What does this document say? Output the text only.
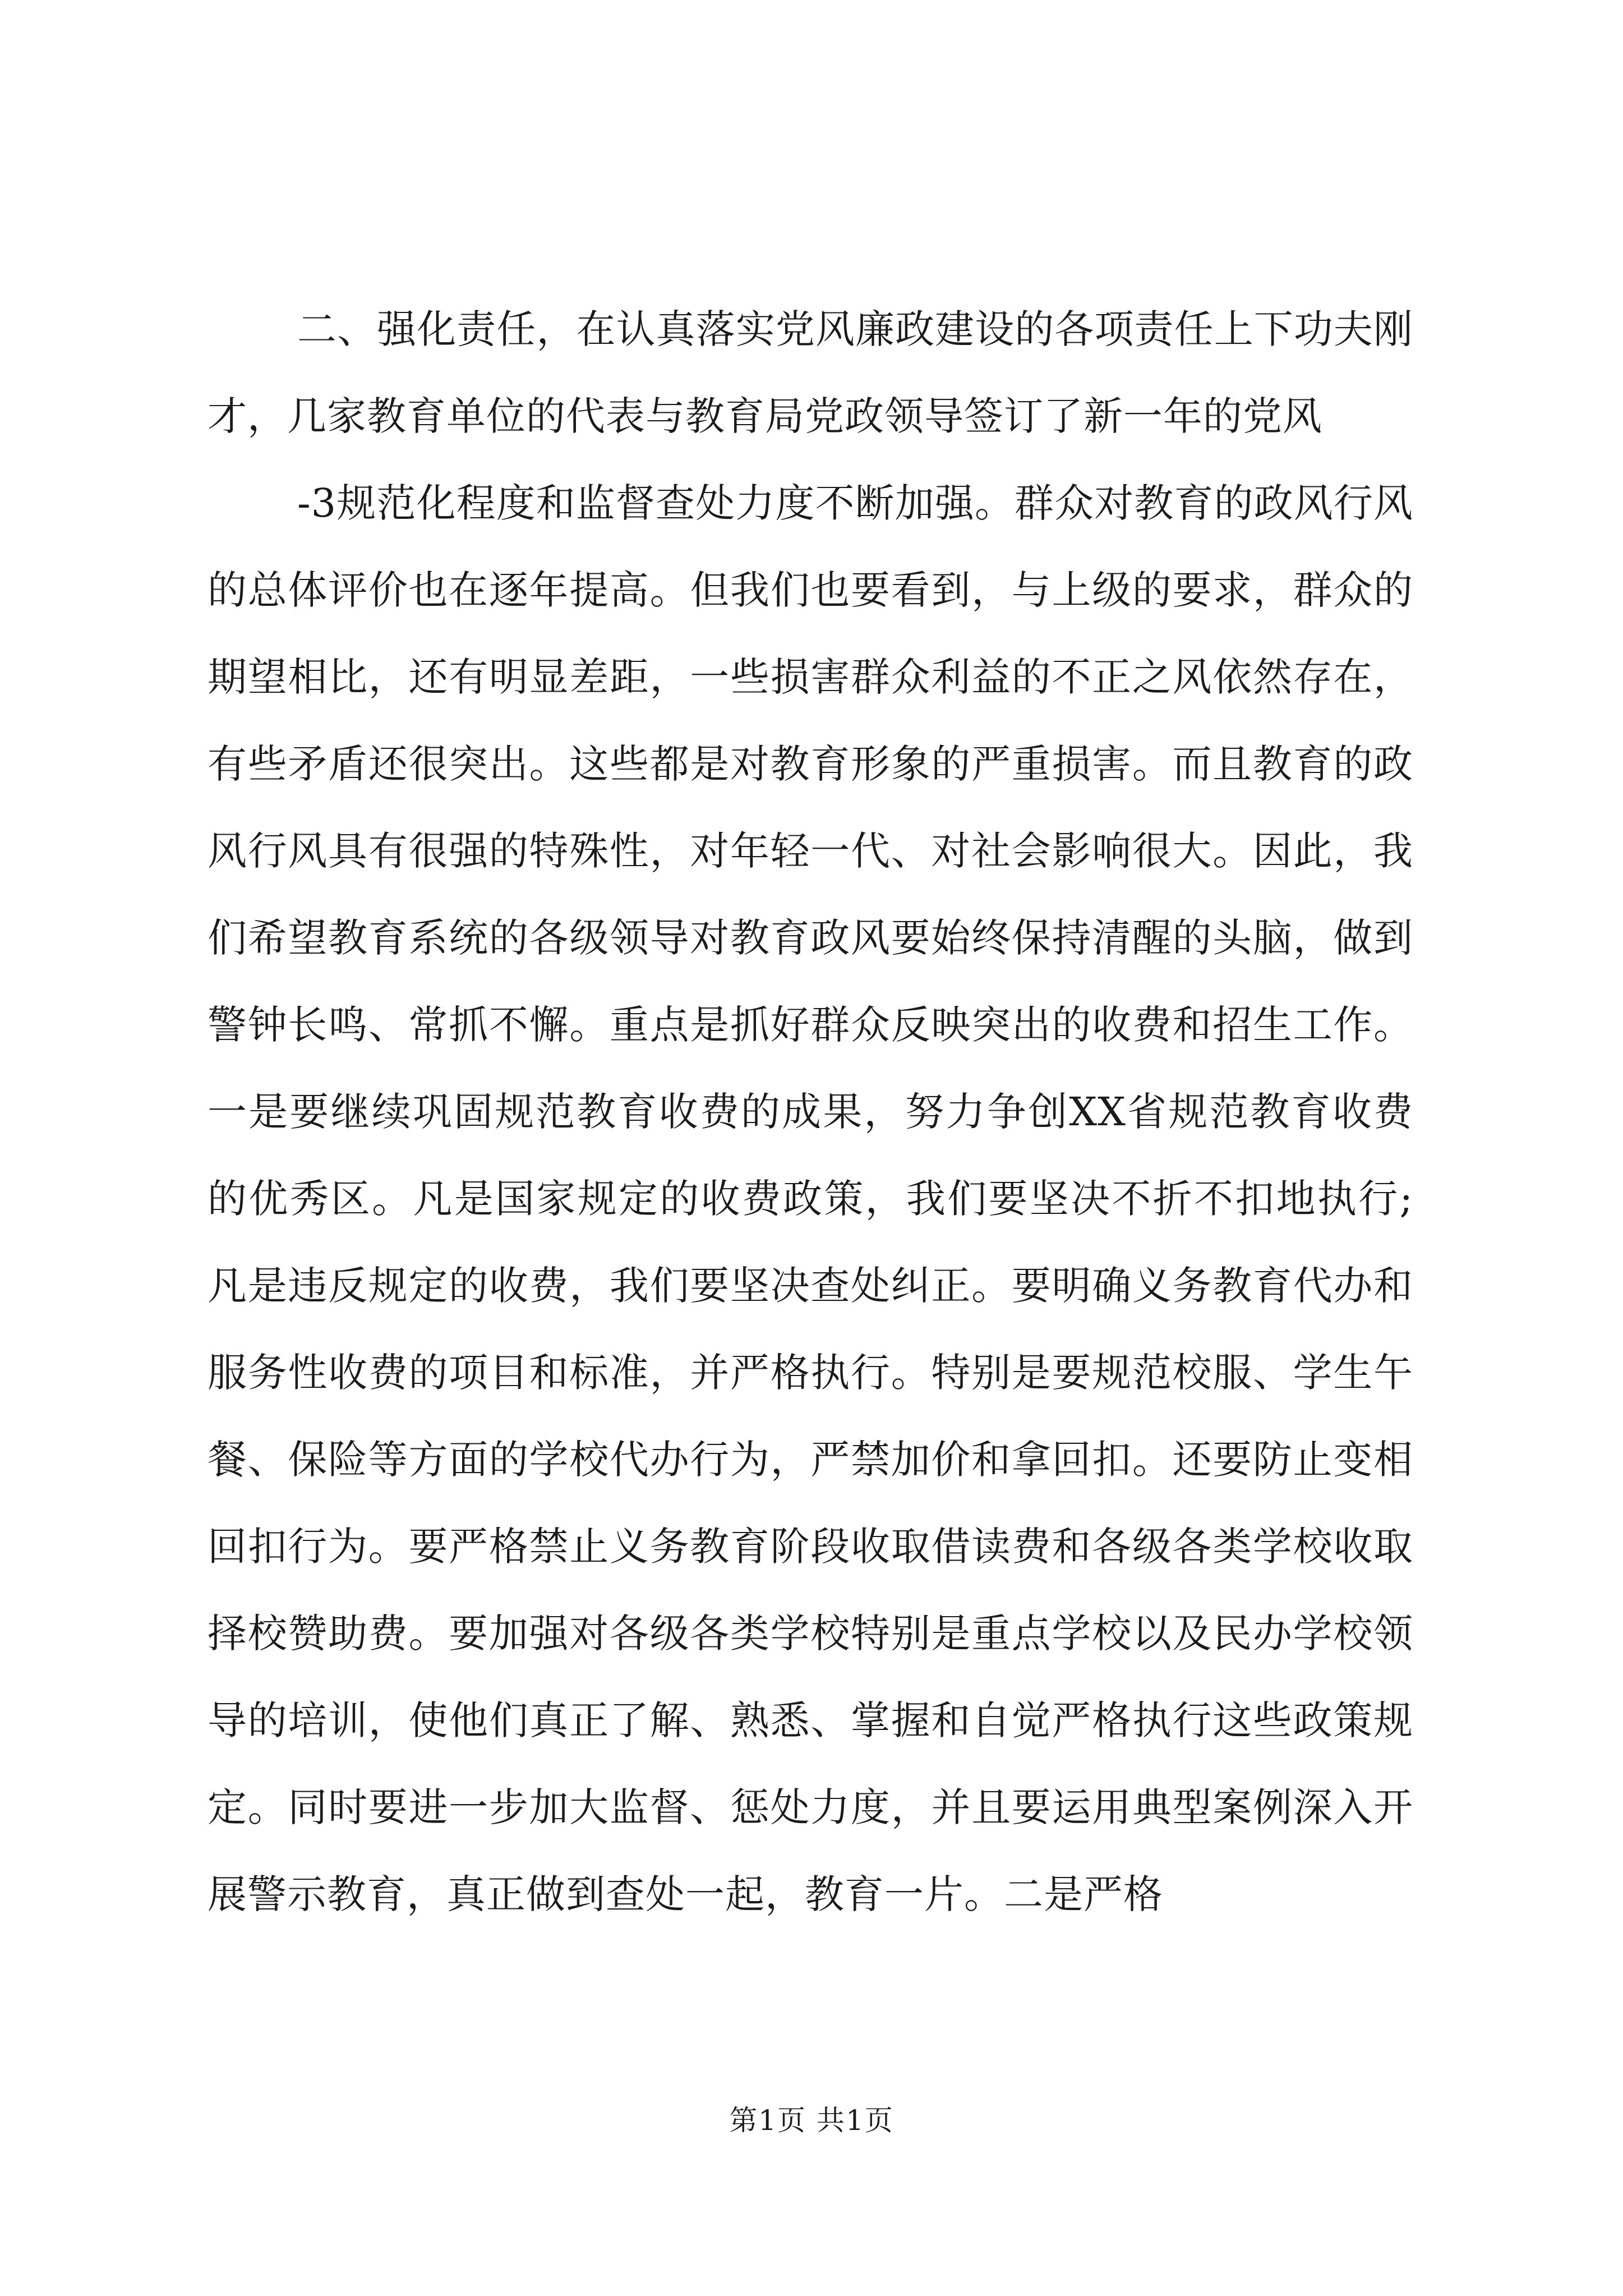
二、强化责任，在认真落实党风廉政建设的各项责任上下功夫刚才，几家教育单位的代表与教育局党政领导签订了新一年的党风

-3规范化程度和监督查处力度不断加强。群众对教育的政风行风的总体评价也在逐年提高。但我们也要看到，与上级的要求，群众的期望相比，还有明显差距，一些损害群众利益的不正之风依然存在，有些矛盾还很突出。这些都是对教育形象的严重损害。而且教育的政风行风具有很强的特殊性，对年轻一代、对社会影响很大。因此，我们希望教育系统的各级领导对教育政风要始终保持清醒的头脑，做到警钟长鸣、常抓不懈。重点是抓好群众反映突出的收费和招生工作。一是要继续巩固规范教育收费的成果，努力争创XX省规范教育收费的优秀区。凡是国家规定的收费政策，我们要坚决不折不扣地执行;凡是违反规定的收费，我们要坚决查处纠正。要明确义务教育代办和服务性收费的项目和标准，并严格执行。特别是要规范校服、学生午餐、保险等方面的学校代办行为，严禁加价和拿回扣。还要防止变相回扣行为。要严格禁止义务教育阶段收取借读费和各级各类学校收取择校赞助费。要加强对各级各类学校特别是重点学校以及民办学校领导的培训，使他们真正了解、熟悉、掌握和自觉严格执行这些政策规定。同时要进一步加大监督、惩处力度，并且要运用典型案例深入开展警示教育，真正做到查处一起，教育一片。二是严格

第1页 共1页
